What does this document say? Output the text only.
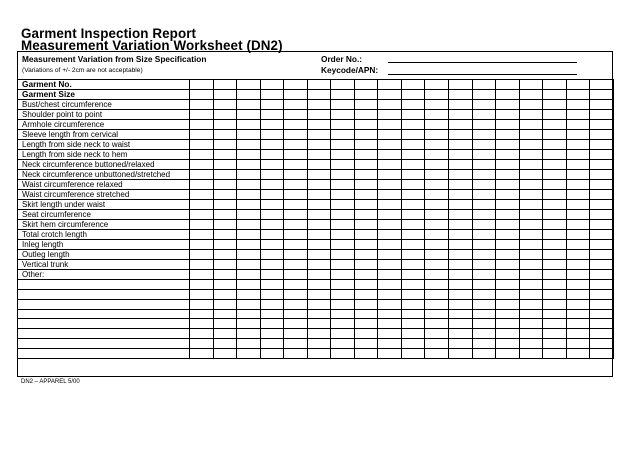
Garment Inspection Report
Measurement Variation Worksheet (DN2)
Measurement Variation from Size Specification
(Variations of +/- 2cm are not acceptable)
Order No.:
Keycode/APN:
Garment No.																		
Garment Size																		
Bust/chest circumference																		
Shoulder point to point																		
Armhole circumference																		
Sleeve length from cervical																		
Length from side neck to waist																		
Length from side neck to hem																		
Neck circumference buttoned/relaxed																		
Neck circumference unbuttoned/stretched																		
Waist circumference relaxed																		
Waist circumference stretched																		
Skirt length under waist																		
Seat circumference																		
Skirt hem circumference																		
Total crotch length																		
Inleg length																		
Outleg length																		
Vertical trunk																		
Other:																		

DN2 – APPAREL 5/00
